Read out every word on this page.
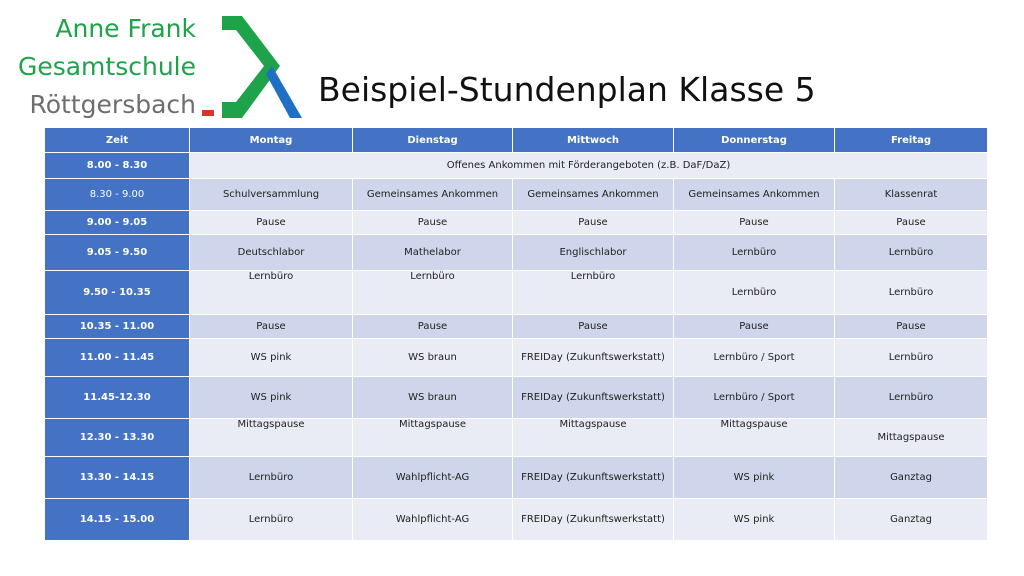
Anne Frank
Gesamtschule
Röttgersbach	Beispiel-Stundenplan Klasse 5
Zeit	Montag	Dienstag	Mittwoch	Donnerstag	Freitag
8.00 - 8.30	Offenes Ankommen mit Förderangeboten (z.B. DaF/DaZ)				
8.30 - 9.00	Schulversammlung	Gemeinsames Ankommen	Gemeinsames Ankommen	Gemeinsames Ankommen	Klassenrat
9.00 - 9.05	Pause	Pause	Pause	Pause	Pause
9.05 - 9.50	Deutschlabor	Mathelabor	Englischlabor	Lernbüro	Lernbüro
9.50 - 10.35	Lernbüro	Lernbüro	Lernbüro	Lernbüro	Lernbüro
10.35 - 11.00	Pause	Pause	Pause	Pause	Pause
11.00 - 11.45	WS pink	WS braun	FREIDay (Zukunftswerkstatt)	Lernbüro / Sport	Lernbüro
11.45-12.30	WS pink	WS braun	FREIDay (Zukunftswerkstatt)	Lernbüro / Sport	Lernbüro
12.30 - 13.30	Mittagspause	Mittagspause	Mittagspause	Mittagspause	Mittagspause
13.30 - 14.15	Lernbüro	Wahlpflicht-AG	FREIDay (Zukunftswerkstatt)	WS pink	Ganztag
14.15 - 15.00	Lernbüro	Wahlpflicht-AG	FREIDay (Zukunftswerkstatt)	WS pink	Ganztag
